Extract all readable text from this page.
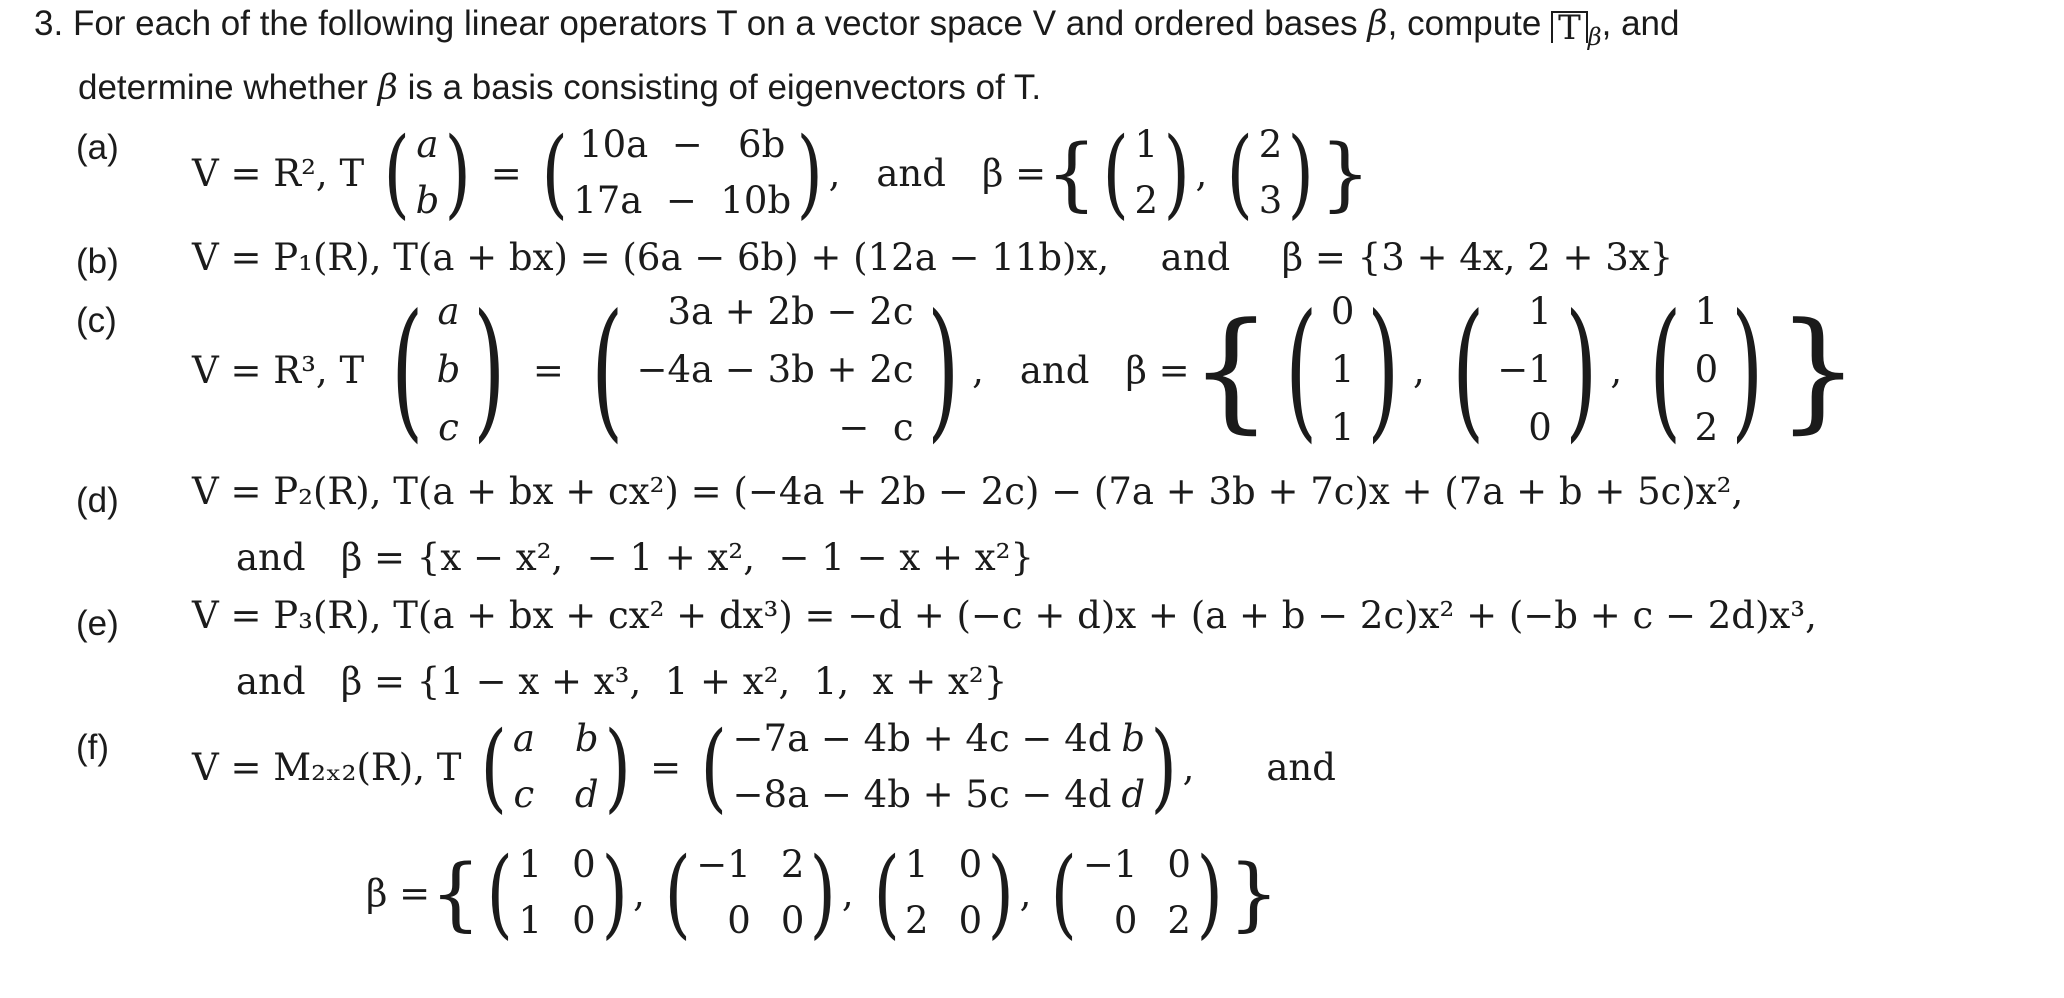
3. For each of the following linear operators T on a vector space V and ordered bases β, compute T $_\beta$, and
determine whether β is a basis consisting of eigenvectors of T.
(a)
(b)
(c)
(d)
(e)
(f)
V = R², T ( a
b ) = ( 10a  −   6b
17a  −  10b ) , and β = { ( 1
2 ) , ( 2
3 ) }
V = P₁(R), T(a + bx) = (6a − 6b) + (12a − 11b)x, and β = {3 + 4x, 2 + 3x}
V = R³, T ( a
b
c ) = ( 3a + 2b − 2c
−4a − 3b + 2c
−  c ) , and β = { ( 0
1
1 ) , ( 1
−1
0 ) , ( 1
0
2 ) }
V = P₂(R), T(a + bx + cx²) = (−4a + 2b − 2c) − (7a + 3b + 7c)x + (7a + b + 5c)x²,
and   β = {x − x²,  − 1 + x²,  − 1 − x + x²}
V = P₃(R), T(a + bx + cx² + dx³) = −d + (−c + d)x + (a + b − 2c)x² + (−b + c − 2d)x³,
and   β = {1 − x + x³,  1 + x²,  1,  x + x²}
V = M₂ₓ₂(R), T ( a b
c d ) = ( −7a − 4b + 4c − 4d b
−8a − 4b + 5c − 4d d ) , and
β = { ( 1 0
1 0 ) , ( −1 2
0 0 ) , ( 1 0
2 0 ) , ( −1 0
0 2 ) }
